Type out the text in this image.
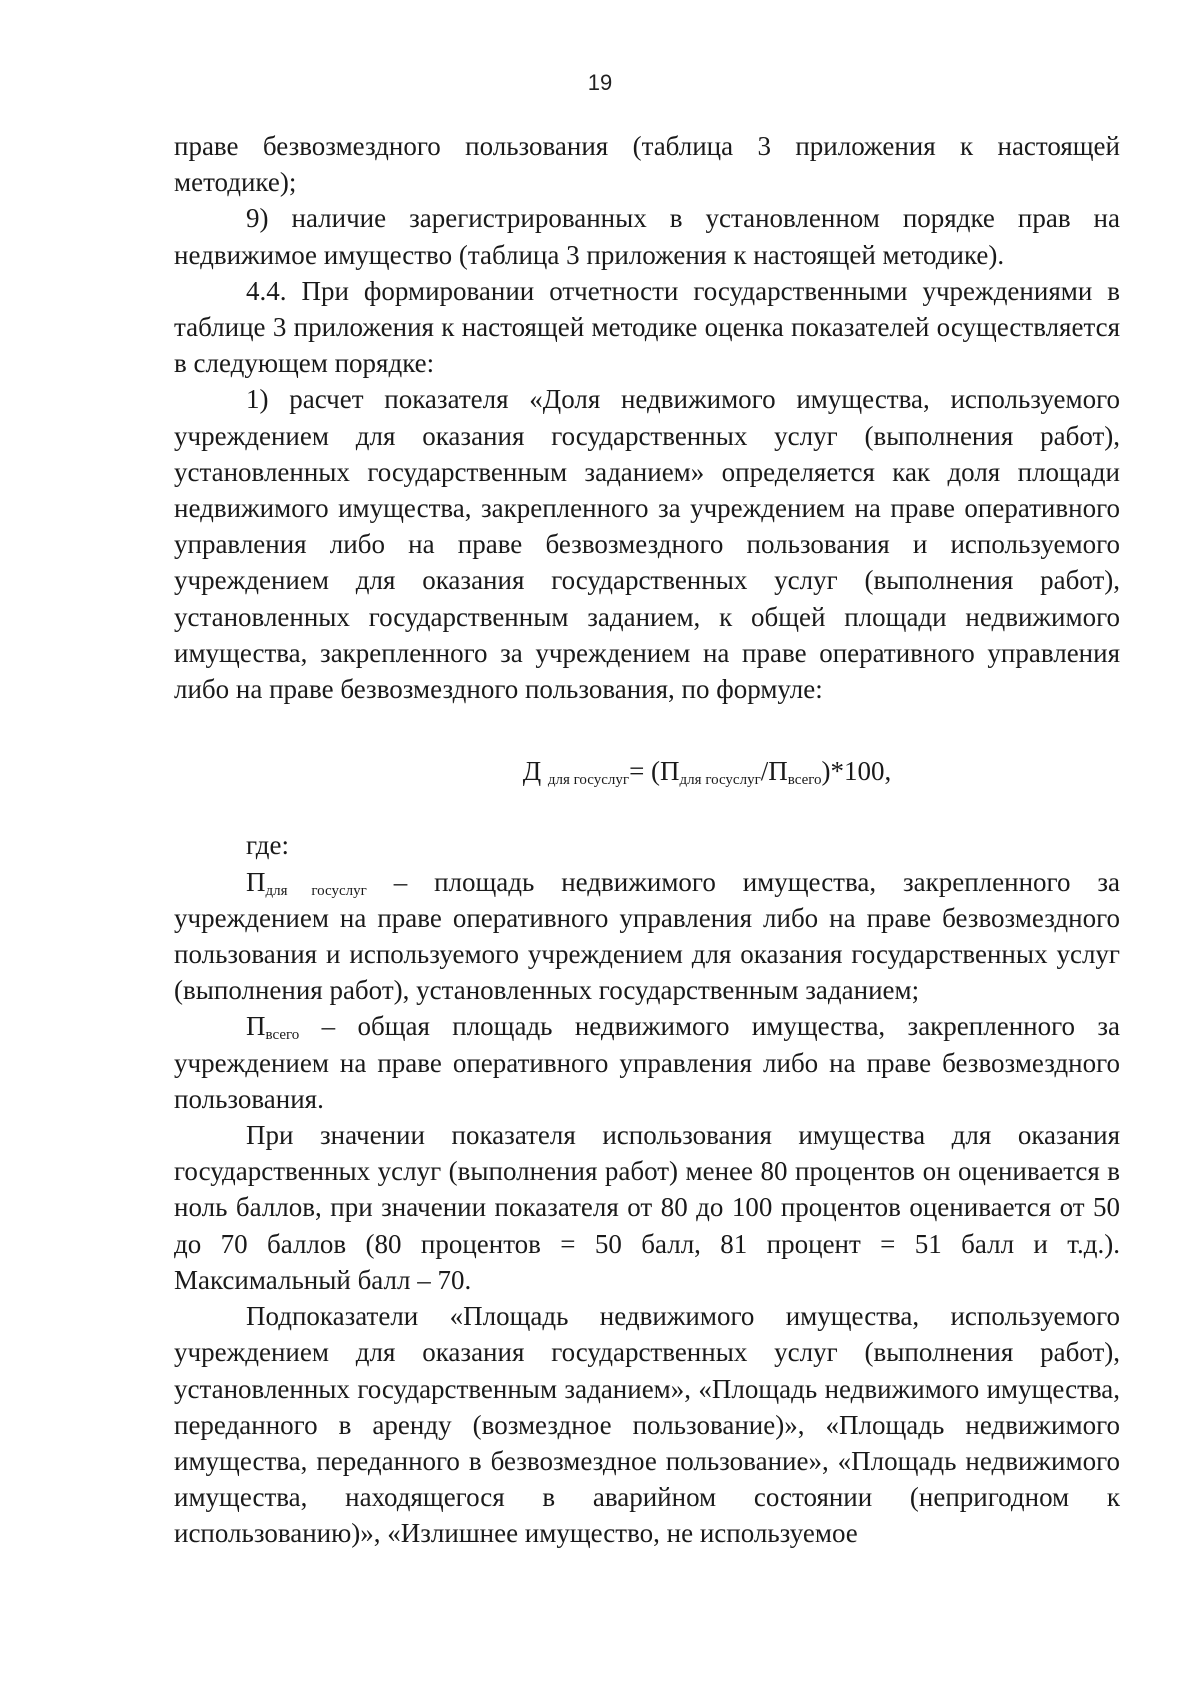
19

праве безвозмездного пользования (таблица 3 приложения к настоящей методике);

9) наличие зарегистрированных в установленном порядке прав на недвижимое имущество (таблица 3 приложения к настоящей методике).

4.4. При формировании отчетности государственными учреждениями в таблице 3 приложения к настоящей методике оценка показателей осуществляется в следующем порядке:

1) расчет показателя «Доля недвижимого имущества, используемого учреждением для оказания государственных услуг (выполнения работ), установленных государственным заданием» определяется как доля площади недвижимого имущества, закрепленного за учреждением на праве оперативного управления либо на праве безвозмездного пользования и используемого учреждением для оказания государственных услуг (выполнения работ), установленных государственным заданием, к общей площади недвижимого имущества, закрепленного за учреждением на праве оперативного управления либо на праве безвозмездного пользования, по формуле:

Д $_{для госуслуг}= (П_{для госуслуг}/П_{всего})*100$,

где:

$П_{для госуслуг}$ – площадь недвижимого имущества, закрепленного за учреждением на праве оперативного управления либо на праве безвозмездного пользования и используемого учреждением для оказания государственных услуг (выполнения работ), установленных государственным заданием;

$П_{всего}$ – общая площадь недвижимого имущества, закрепленного за учреждением на праве оперативного управления либо на праве безвозмездного пользования.

При значении показателя использования имущества для оказания государственных услуг (выполнения работ) менее 80 процентов он оценивается в ноль баллов, при значении показателя от 80 до 100 процентов оценивается от 50 до 70 баллов (80 процентов = 50 балл, 81 процент = 51 балл и т.д.). Максимальный балл – 70.

Подпоказатели «Площадь недвижимого имущества, используемого учреждением для оказания государственных услуг (выполнения работ), установленных государственным заданием», «Площадь недвижимого имущества, переданного в аренду (возмездное пользование)», «Площадь недвижимого имущества, переданного в безвозмездное пользование», «Площадь недвижимого имущества, находящегося в аварийном состоянии (непригодном к использованию)», «Излишнее имущество, не используемое
